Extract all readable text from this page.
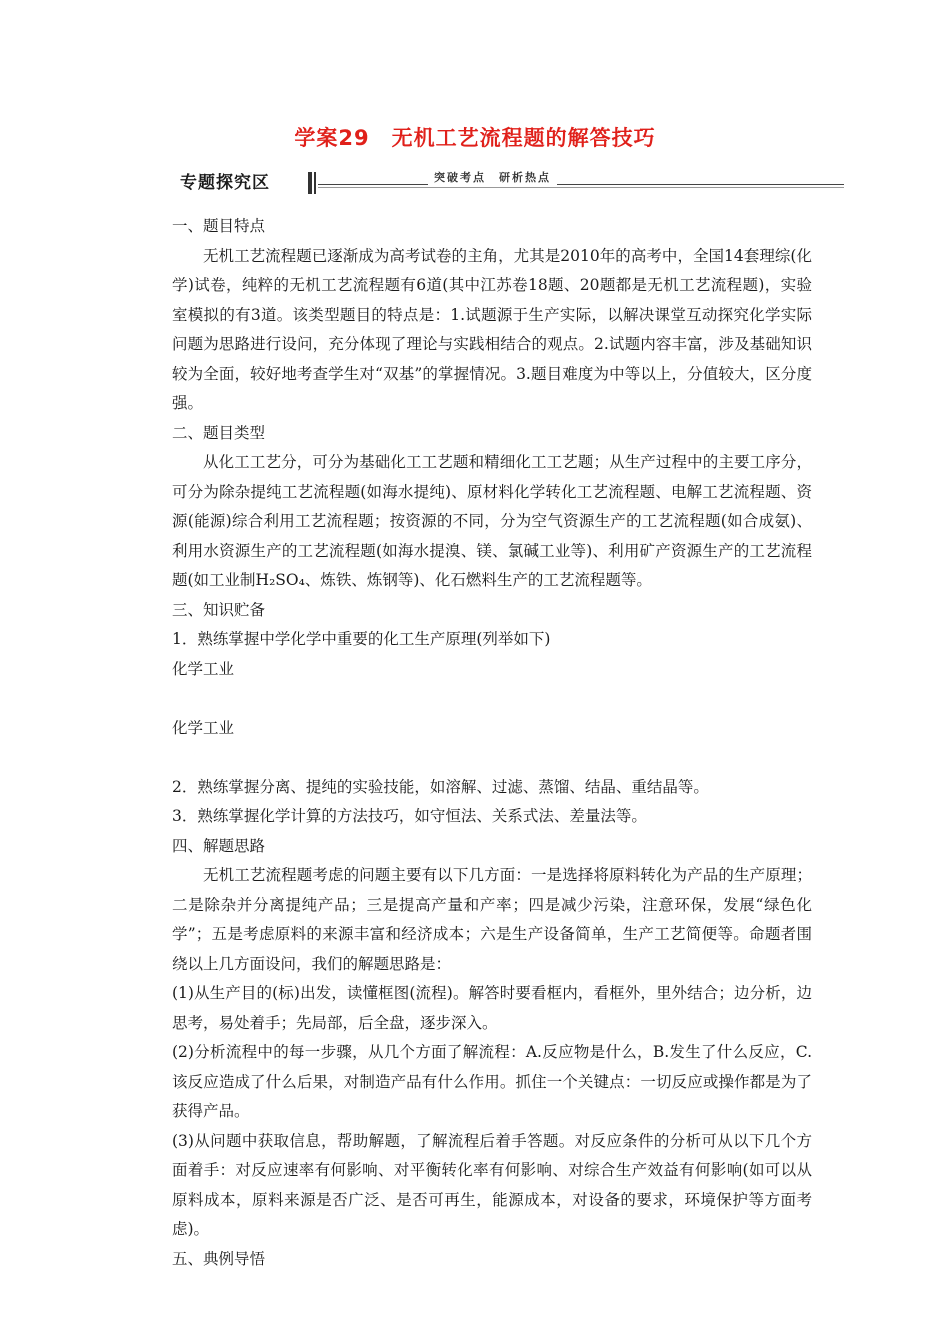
学案29　无机工艺流程题的解答技巧
专题探究区	突破考点　研析热点

一、题目特点

无机工艺流程题已逐渐成为高考试卷的主角，尤其是2010年的高考中，全国14套理综(化学)试卷，纯粹的无机工艺流程题有6道(其中江苏卷18题、20题都是无机工艺流程题)，实验室模拟的有3道。该类型题目的特点是：1.试题源于生产实际，以解决课堂互动探究化学实际问题为思路进行设问，充分体现了理论与实践相结合的观点。2.试题内容丰富，涉及基础知识较为全面，较好地考查学生对“双基”的掌握情况。3.题目难度为中等以上，分值较大，区分度强。

二、题目类型

从化工工艺分，可分为基础化工工艺题和精细化工工艺题；从生产过程中的主要工序分，可分为除杂提纯工艺流程题(如海水提纯)、原材料化学转化工艺流程题、电解工艺流程题、资源(能源)综合利用工艺流程题；按资源的不同，分为空气资源生产的工艺流程题(如合成氨)、利用水资源生产的工艺流程题(如海水提溴、镁、氯碱工业等)、利用矿产资源生产的工艺流程题(如工业制H₂SO₄、炼铁、炼钢等)、化石燃料生产的工艺流程题等。

三、知识贮备

1．熟练掌握中学化学中重要的化工生产原理(列举如下)

化学工业

化学工业

2．熟练掌握分离、提纯的实验技能，如溶解、过滤、蒸馏、结晶、重结晶等。

3．熟练掌握化学计算的方法技巧，如守恒法、关系式法、差量法等。

四、解题思路

无机工艺流程题考虑的问题主要有以下几方面：一是选择将原料转化为产品的生产原理；二是除杂并分离提纯产品；三是提高产量和产率；四是减少污染，注意环保，发展“绿色化学”；五是考虑原料的来源丰富和经济成本；六是生产设备简单，生产工艺简便等。命题者围绕以上几方面设问，我们的解题思路是：

(1)从生产目的(标)出发，读懂框图(流程)。解答时要看框内，看框外，里外结合；边分析，边思考，易处着手；先局部，后全盘，逐步深入。

(2)分析流程中的每一步骤，从几个方面了解流程：A.反应物是什么，B.发生了什么反应，C.该反应造成了什么后果，对制造产品有什么作用。抓住一个关键点：一切反应或操作都是为了获得产品。

(3)从问题中获取信息，帮助解题，了解流程后着手答题。对反应条件的分析可从以下几个方面着手：对反应速率有何影响、对平衡转化率有何影响、对综合生产效益有何影响(如可以从原料成本，原料来源是否广泛、是否可再生，能源成本，对设备的要求，环境保护等方面考虑)。

五、典例导悟
